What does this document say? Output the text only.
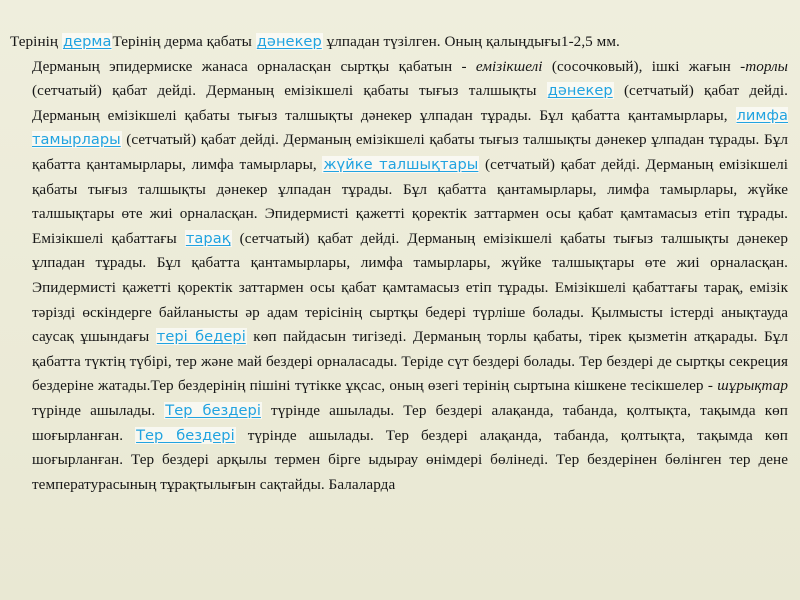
Терінің дермаТерінің дерма қабаты дәнекер ұлпадан түзілген. Оның қалыңдығы1-2,5 мм.

Дерманың эпидермиске жанаса орналасқан сыртқы қабатын - емізікшелі (сосочковый), ішкі жағын -торлы (сетчатый) қабат дейді. Дерманың емізікшелі қабаты тығыз талшықты дәнекер (сетчатый) қабат дейді. Дерманың емізікшелі қабаты тығыз талшықты дәнекер ұлпадан тұрады. Бұл қабатта қантамырлары, лимфа тамырлары (сетчатый) қабат дейді. Дерманың емізікшелі қабаты тығыз талшықты дәнекер ұлпадан тұрады. Бұл қабатта қантамырлары, лимфа тамырлары, жүйке талшықтары (сетчатый) қабат дейді. Дерманың емізікшелі қабаты тығыз талшықты дәнекер ұлпадан тұрады. Бұл қабатта қантамырлары, лимфа тамырлары, жүйке талшықтары өте жиі орналасқан. Эпидермисті қажетті қоректік заттармен осы қабат қамтамасыз етіп тұрады. Емізікшелі қабаттағы тарақ (сетчатый) қабат дейді. Дерманың емізікшелі қабаты тығыз талшықты дәнекер ұлпадан тұрады. Бұл қабатта қантамырлары, лимфа тамырлары, жүйке талшықтары өте жиі орналасқан. Эпидермисті қажетті қоректік заттармен осы қабат қамтамасыз етіп тұрады. Емізікшелі қабаттағы тарақ, емізік тәрізді өскіндерге байланысты әр адам терісінің сыртқы бедері түрліше болады. Қылмысты істерді анықтауда саусақ ұшындағы тері бедері көп пайдасын тигізеді. Дерманың торлы қабаты, тірек қызметін атқарады. Бұл қабатта түктің түбірі, тер және май бездері орналасады. Теріде сүт бездері болады. Тер бездері де сыртқы секреция бездеріне жатады.Тер бездерінің пішіні түтікке ұқсас, оның өзегі терінің сыртына кішкене тесікшелер - шұрықтар түрінде ашылады. Тер бездері түрінде ашылады. Тер бездері алақанда, табанда, қолтықта, тақымда көп шоғырланған. Тер бездері түрінде ашылады. Тер бездері алақанда, табанда, қолтықта, тақымда көп шоғырланған. Тер бездері арқылы термен бірге ыдырау өнімдері бөлінеді. Тер бездерінен бөлінген тер дене температурасының тұрақтылығын сақтайды. Балаларда
